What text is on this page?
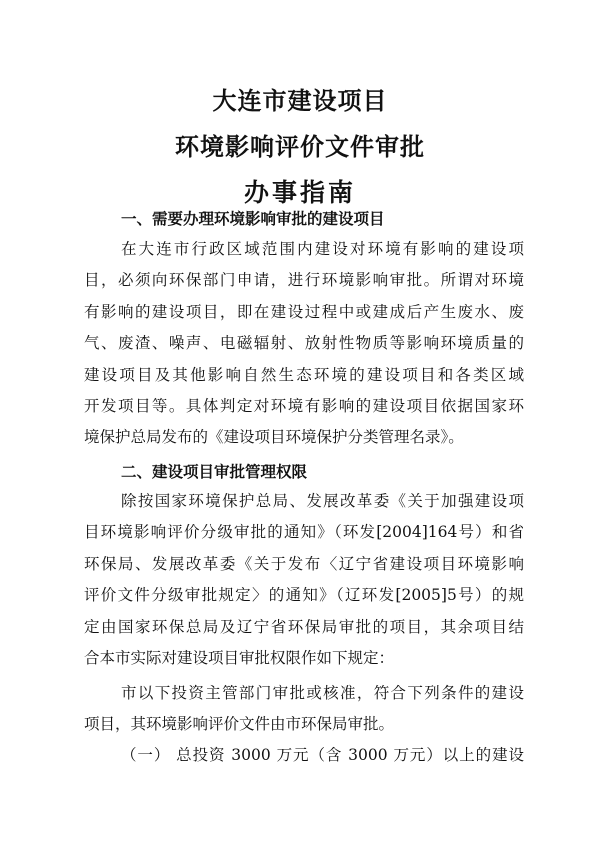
大连市建设项目
环境影响评价文件审批
办事指南
一、需要办理环境影响审批的建设项目
在大连市行政区域范围内建设对环境有影响的建设项
目，必须向环保部门申请，进行环境影响审批。所谓对环境
有影响的建设项目，即在建设过程中或建成后产生废水、废
气、废渣、噪声、电磁辐射、放射性物质等影响环境质量的
建设项目及其他影响自然生态环境的建设项目和各类区域
开发项目等。具体判定对环境有影响的建设项目依据国家环
境保护总局发布的《建设项目环境保护分类管理名录》。
二、建设项目审批管理权限
除按国家环境保护总局、发展改革委《关于加强建设项
目环境影响评价分级审批的通知》（环发[2004]164号）和省
环保局、发展改革委《关于发布〈辽宁省建设项目环境影响
评价文件分级审批规定〉的通知》（辽环发[2005]5号）的规
定由国家环保总局及辽宁省环保局审批的项目，其余项目结
合本市实际对建设项目审批权限作如下规定：
市以下投资主管部门审批或核准，符合下列条件的建设
项目，其环境影响评价文件由市环保局审批。
（一） 总投资 3000 万元（含 3000 万元）以上的建设
